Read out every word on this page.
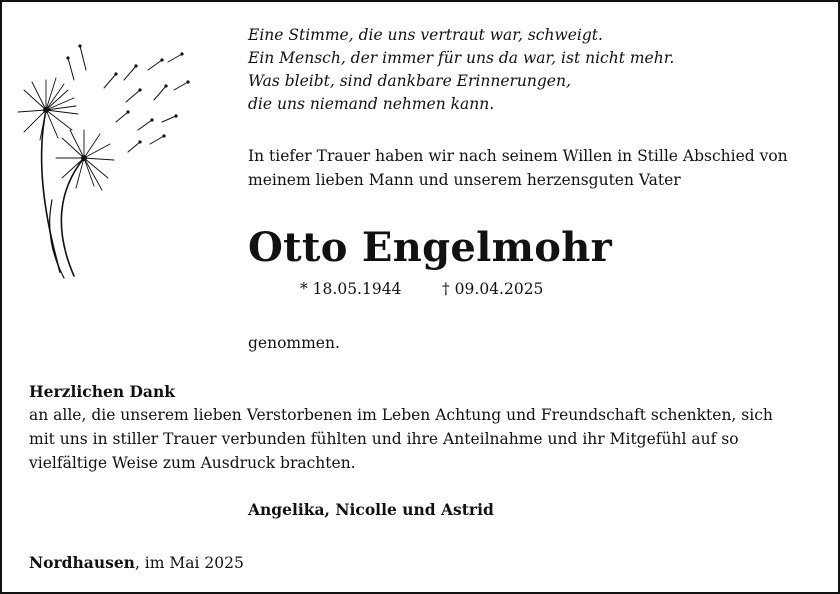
Eine Stimme, die uns vertraut war, schweigt.
Ein Mensch, der immer für uns da war, ist nicht mehr.
Was bleibt, sind dankbare Erinnerungen,
die uns niemand nehmen kann.

In tiefer Trauer haben wir nach seinem Willen in Stille Abschied von
meinem lieben Mann und unserem herzensguten Vater

Otto Engelmohr
* 18.05.1944	† 09.04.2025
genommen.
Herzlichen Dank

an alle, die unserem lieben Verstorbenen im Leben Achtung und Freundschaft schenkten, sich
mit uns in stiller Trauer verbunden fühlten und ihre Anteilnahme und ihr Mitgefühl auf so
vielfältige Weise zum Ausdruck brachten.

Angelika, Nicolle und Astrid
Nordhausen, im Mai 2025
